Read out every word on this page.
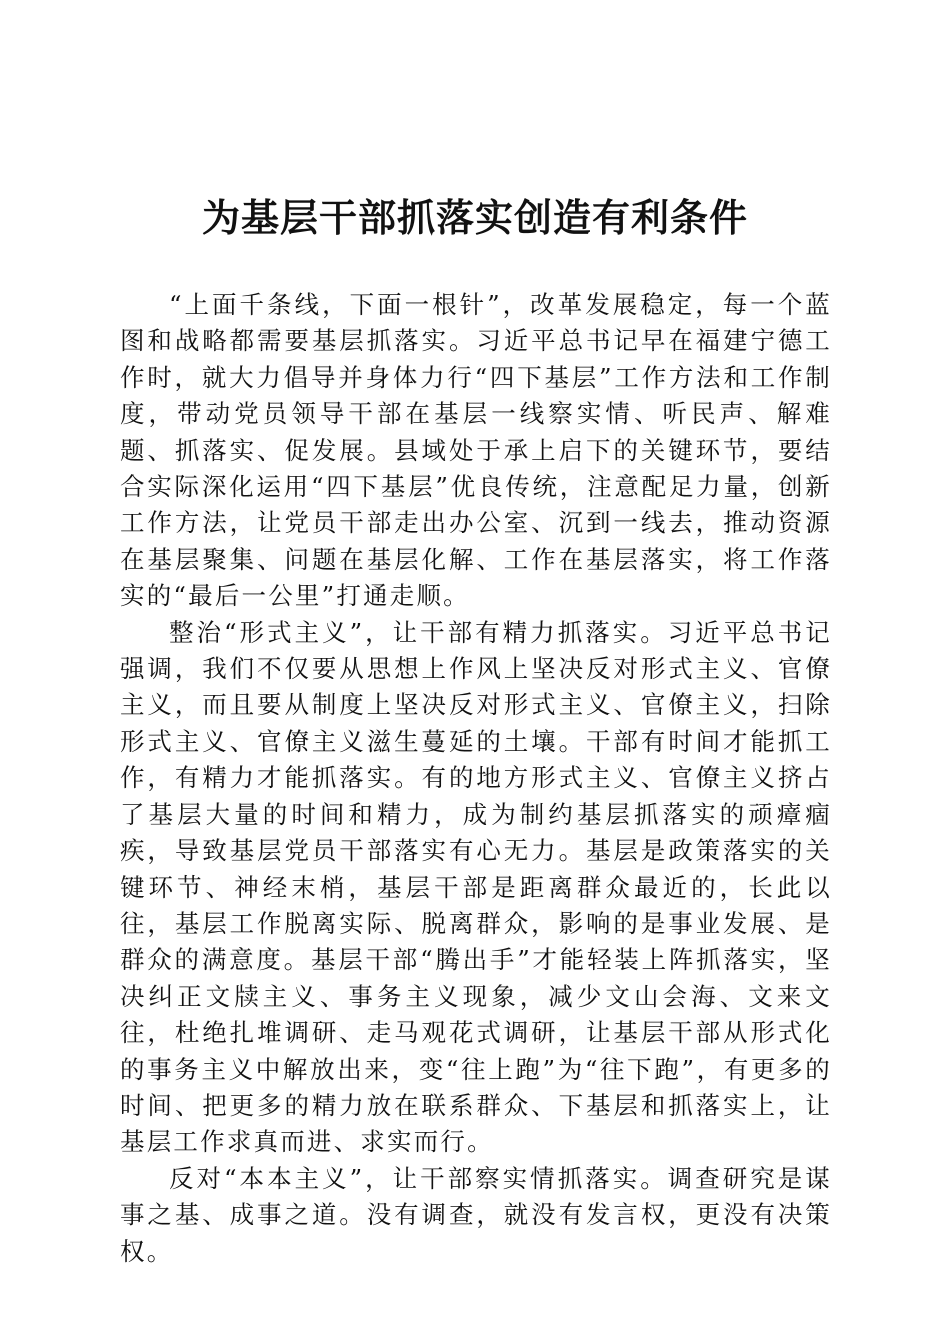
为基层干部抓落实创造有利条件

“上面千条线，下面一根针”，改革发展稳定，每一个蓝图和战略都需要基层抓落实。习近平总书记早在福建宁德工作时，就大力倡导并身体力行“四下基层”工作方法和工作制度，带动党员领导干部在基层一线察实情、听民声、解难题、抓落实、促发展。县域处于承上启下的关键环节，要结合实际深化运用“四下基层”优良传统，注意配足力量，创新工作方法，让党员干部走出办公室、沉到一线去，推动资源在基层聚集、问题在基层化解、工作在基层落实，将工作落实的“最后一公里”打通走顺。

整治“形式主义”，让干部有精力抓落实。习近平总书记强调，我们不仅要从思想上作风上坚决反对形式主义、官僚主义，而且要从制度上坚决反对形式主义、官僚主义，扫除形式主义、官僚主义滋生蔓延的土壤。干部有时间才能抓工作，有精力才能抓落实。有的地方形式主义、官僚主义挤占了基层大量的时间和精力，成为制约基层抓落实的顽瘴痼疾，导致基层党员干部落实有心无力。基层是政策落实的关键环节、神经末梢，基层干部是距离群众最近的，长此以往，基层工作脱离实际、脱离群众，影响的是事业发展、是群众的满意度。基层干部“腾出手”才能轻装上阵抓落实，坚决纠正文牍主义、事务主义现象，减少文山会海、文来文往，杜绝扎堆调研、走马观花式调研，让基层干部从形式化的事务主义中解放出来，变“往上跑”为“往下跑”，有更多的时间、把更多的精力放在联系群众、下基层和抓落实上，让基层工作求真而进、求实而行。

反对“本本主义”，让干部察实情抓落实。调查研究是谋事之基、成事之道。没有调查，就没有发言权，更没有决策权。
